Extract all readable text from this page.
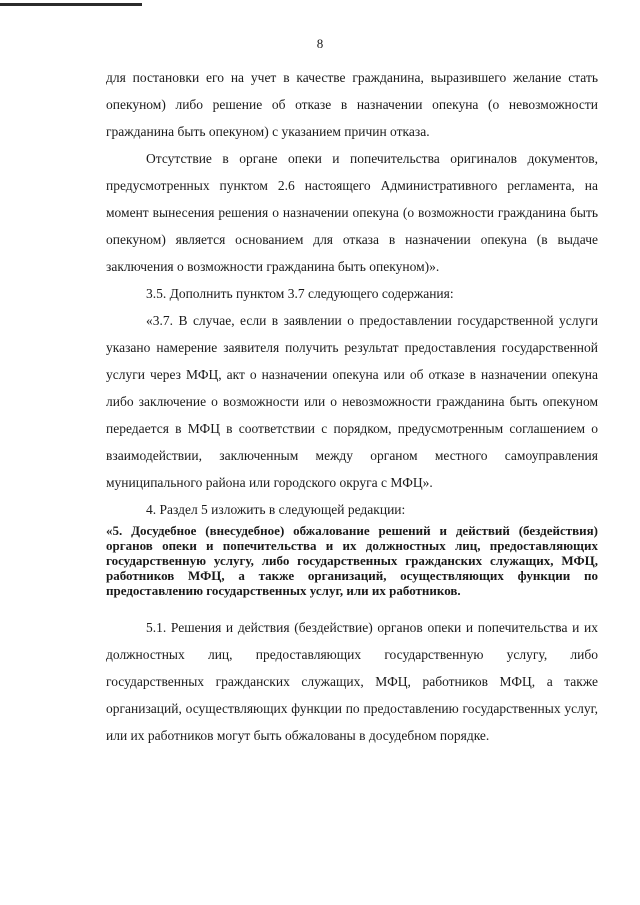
8

для постановки его на учет в качестве гражданина, выразившего желание стать опекуном) либо решение об отказе в назначении опекуна (о невозможности гражданина быть опекуном) с указанием причин отказа.

Отсутствие в органе опеки и попечительства оригиналов документов, предусмотренных пунктом 2.6 настоящего Административного регламента, на момент вынесения решения о назначении опекуна (о возможности гражданина быть опекуном) является основанием для отказа в назначении опекуна (в выдаче заключения о возможности гражданина быть опекуном)».

3.5. Дополнить пунктом 3.7 следующего содержания:

«3.7. В случае, если в заявлении о предоставлении государственной услуги указано намерение заявителя получить результат предоставления государственной услуги через МФЦ, акт о назначении опекуна или об отказе в назначении опекуна либо заключение о возможности или о невозможности гражданина быть опекуном передается в МФЦ в соответствии с порядком, предусмотренным соглашением о взаимодействии, заключенным между органом местного самоуправления муниципального района или городского округа с МФЦ».

4. Раздел 5 изложить в следующей редакции:

«5. Досудебное (внесудебное) обжалование решений и действий (бездействия) органов опеки и попечительства и их должностных лиц, предоставляющих государственную услугу, либо государственных гражданских служащих, МФЦ, работников МФЦ, а также организаций, осуществляющих функции по предоставлению государственных услуг, или их работников.

5.1. Решения и действия (бездействие) органов опеки и попечительства и их должностных лиц, предоставляющих государственную услугу, либо государственных гражданских служащих, МФЦ, работников МФЦ, а также организаций, осуществляющих функции по предоставлению государственных услуг, или их работников могут быть обжалованы в досудебном порядке.
